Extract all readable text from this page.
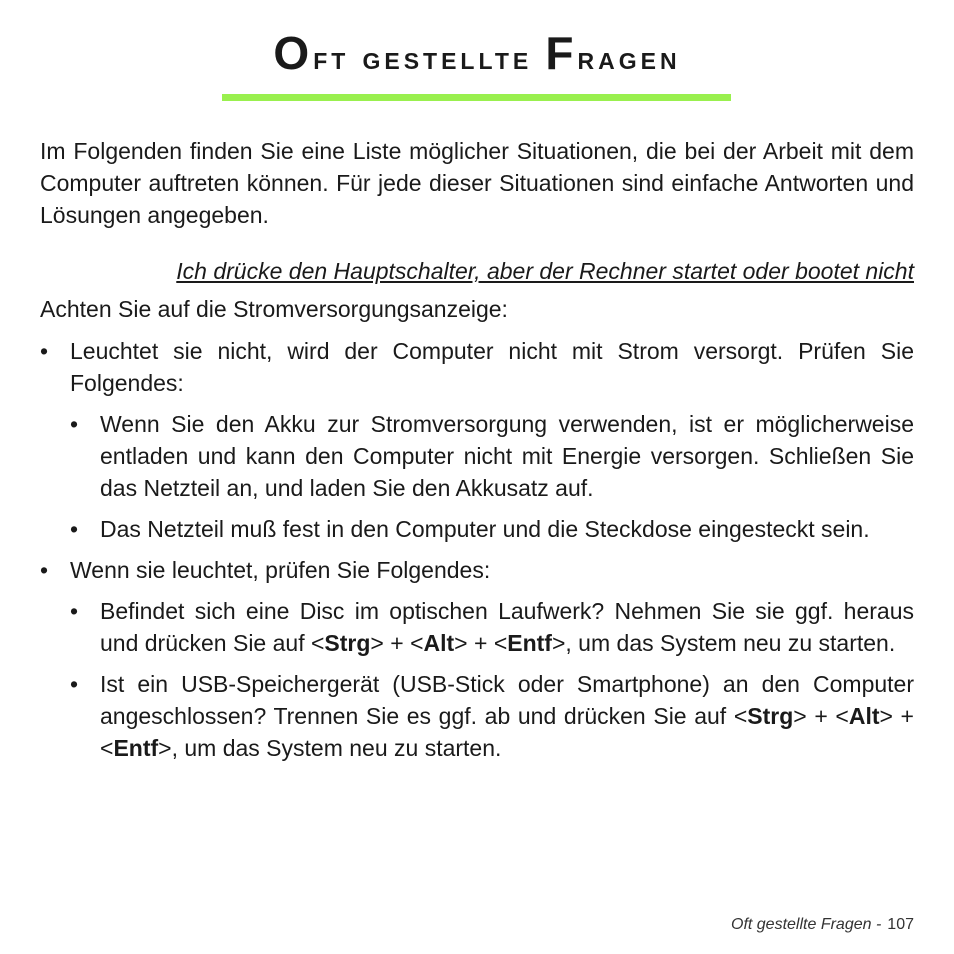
Oft gestellte Fragen

Im Folgenden finden Sie eine Liste möglicher Situationen, die bei der Arbeit mit dem Computer auftreten können. Für jede dieser Situationen sind einfache Antworten und Lösungen angegeben.

Ich drücke den Hauptschalter, aber der Rechner startet oder bootet nicht

Achten Sie auf die Stromversorgungsanzeige:

• Leuchtet sie nicht, wird der Computer nicht mit Strom versorgt. Prüfen Sie Folgendes:
• Wenn Sie den Akku zur Stromversorgung verwenden, ist er möglicherweise entladen und kann den Computer nicht mit Energie versorgen. Schließen Sie das Netzteil an, und laden Sie den Akkusatz auf.
• Das Netzteil muß fest in den Computer und die Steckdose eingesteckt sein.
• Wenn sie leuchtet, prüfen Sie Folgendes:
• Befindet sich eine Disc im optischen Laufwerk? Nehmen Sie sie ggf. heraus und drücken Sie auf <Strg> + <Alt> + <Entf>, um das System neu zu starten.
• Ist ein USB-Speichergerät (USB-Stick oder Smartphone) an den Computer angeschlossen? Trennen Sie es ggf. ab und drücken Sie auf <Strg> + <Alt> + <Entf>, um das System neu zu starten.
Oft gestellte Fragen - 107
